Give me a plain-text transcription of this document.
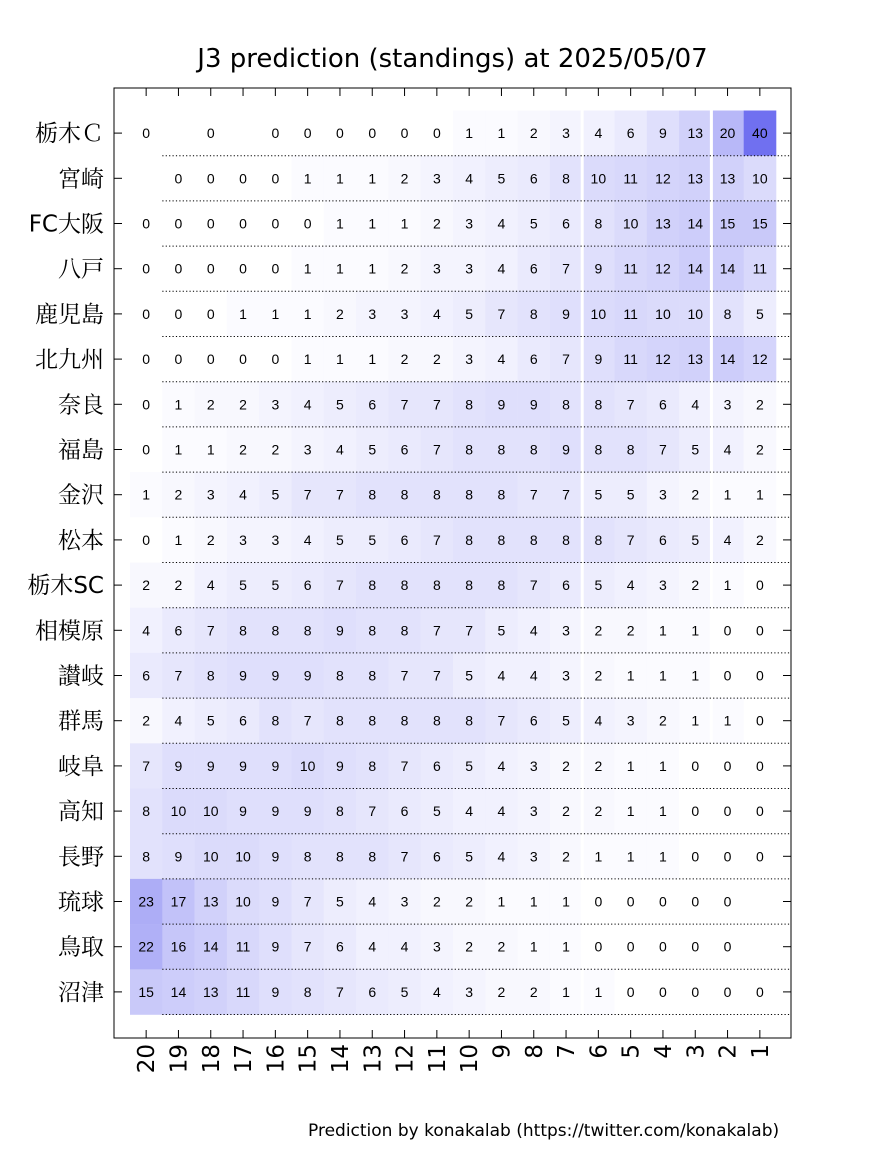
J3 prediction (standings) at 2025/05/07
0	0	0 0 0 0 0 0 1 1 2 3 4 6 9 13 20 40
0 0 0 0 1 1 1 2 3 4 5 6 8 10 11 12 13 13 10
0 0 0 0 0 0 1 1 1 2 3 4 5 6 8 10 13 14 15 15
0 0 0 0 0 1 1 1 2 3 3 4 6 7 9 11 12 14 14 11
0 0 0 1 1 1 2 3 3 4 5 7 8 9 10 11 10 10 8 5
0 0 0 0 0 1 1 1 2 2 3 4 6 7 9 11 12 13 14 12
0 1 2 2 3 4 5 6 7 7 8 9 9 8 8 7 6 4 3 2
0 1 1 2 2 3 4 5 6 7 8 8 8 9 8 8 7 5 4 2
1 2 3 4 5 7 7 8 8 8 8 8 7 7 5 5 3 2 1 1
0 1 2 3 3 4 5 5 6 7 8 8 8 8 8 7 6 5 4 2
2 2 4 5 5 6 7 8 8 8 8 8 7 6 5 4 3 2 1 0
4 6 7 8 8 8 9 8 8 7 7 5 4 3 2 2 1 1 0 0
6 7 8 9 9 9 8 8 7 7 5 4 4 3 2 1 1 1 0 0
2 4 5 6 8 7 8 8 8 8 8 7 6 5 4 3 2 1 1 0
7 9 9 9 9 10 9 8 7 6 5 4 3 2 2 1 1 0 0 0
8 10 10 9 9 9 8 7 6 5 4 4 3 2 2 1 1 0 0 0
8 9 10 10 9 8 8 8 7 6 5 4 3 2 1 1 1 0 0 0
23 17 13 10 9 7 5 4 3 2 2 1 1 1 0 0 0 0 0
22 16 14 11 9 7 6 4 4 3 2 2 1 1 0 0 0 0 0
15 14 13 11 9 8 7 6 5 4 3 2 2 1 1 0 0 0 0 0
栃木Ｃ
宮崎
FC大阪
八戸
鹿児島
北九州
奈良
福島
金沢
松本
栃木SC
相模原
讃岐
群馬
岐阜
高知
長野
琉球
鳥取
沼津
20 19 18 17 16 15 14 13 12 11 10 9 8 7 6 5 4 3 2 1
Prediction by konakalab (https://twitter.com/konakalab)
